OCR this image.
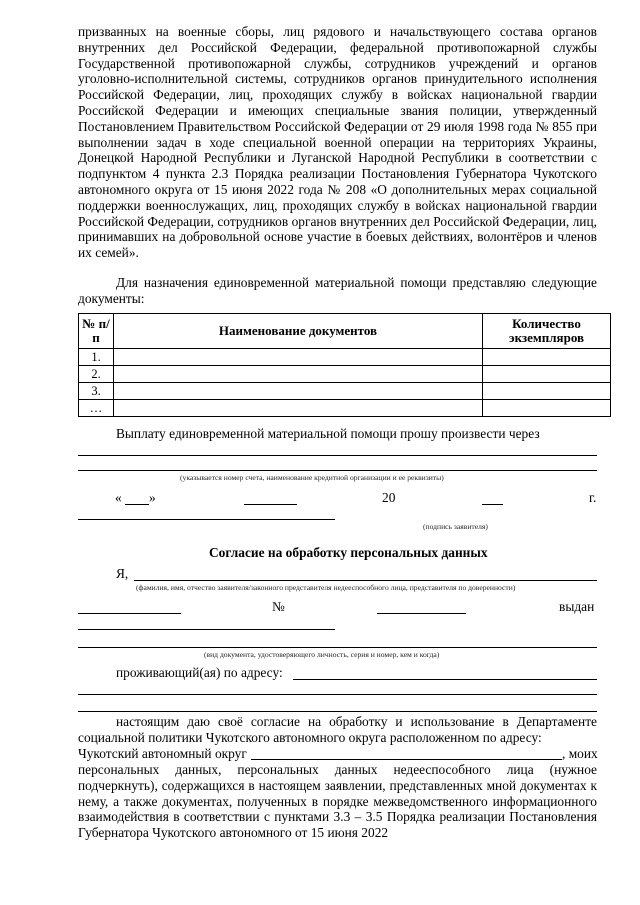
призванных на военные сборы, лиц рядового и начальствующего состава органов внутренних дел Российской Федерации, федеральной противопожарной службы Государственной противопожарной службы, сотрудников учреждений и органов уголовно-исполнительной системы, сотрудников органов принудительного исполнения Российской Федерации, лиц, проходящих службу в войсках национальной гвардии Российской Федерации и имеющих специальные звания полиции, утвержденный Постановлением Правительством Российской Федерации от 29 июля 1998 года № 855 при выполнении задач в ходе специальной военной операции на территориях Украины, Донецкой Народной Республики и Луганской Народной Республики в соответствии с подпунктом 4 пункта 2.3 Порядка реализации Постановления Губернатора Чукотского автономного округа от 15 июня 2022 года № 208 «О дополнительных мерах социальной поддержки военнослужащих, лиц, проходящих службу в войсках национальной гвардии Российской Федерации, сотрудников органов внутренних дел Российской Федерации, лиц, принимавших на добровольной основе участие в боевых действиях, волонтёров и членов их семей».

Для назначения единовременной материальной помощи представляю следующие документы:

№ п/п	Наименование документов	Количество экземпляров
1.		
2.		
3.		
…		
Выплату единовременной материальной помощи прошу произвести через
(указывается номер счета, наименование кредитной организации и ее реквизиты)
« »	20	г.
(подпись заявителя)
Согласие на обработку персональных данных
Я,
(фамилия, имя, отчество заявителя/законного представителя недееспособного лица, представителя по доверенности)
№	выдан
(вид документа, удостоверяющего личность, серия и номер, кем и когда)
проживающий(ая) по адресу:

настоящим даю своё согласие на обработку и использование в Департаменте социальной политики Чукотского автономного округа расположенном по адресу:

Чукотский автономный округ	, моих

персональных данных, персональных данных недееспособного лица (нужное подчеркнуть), содержащихся в настоящем заявлении, представленных мной документах к нему, а также документах, полученных в порядке межведомственного информационного взаимодействия в соответствии с пунктами 3.3 – 3.5 Порядка реализации Постановления Губернатора Чукотского автономного от 15 июня 2022
